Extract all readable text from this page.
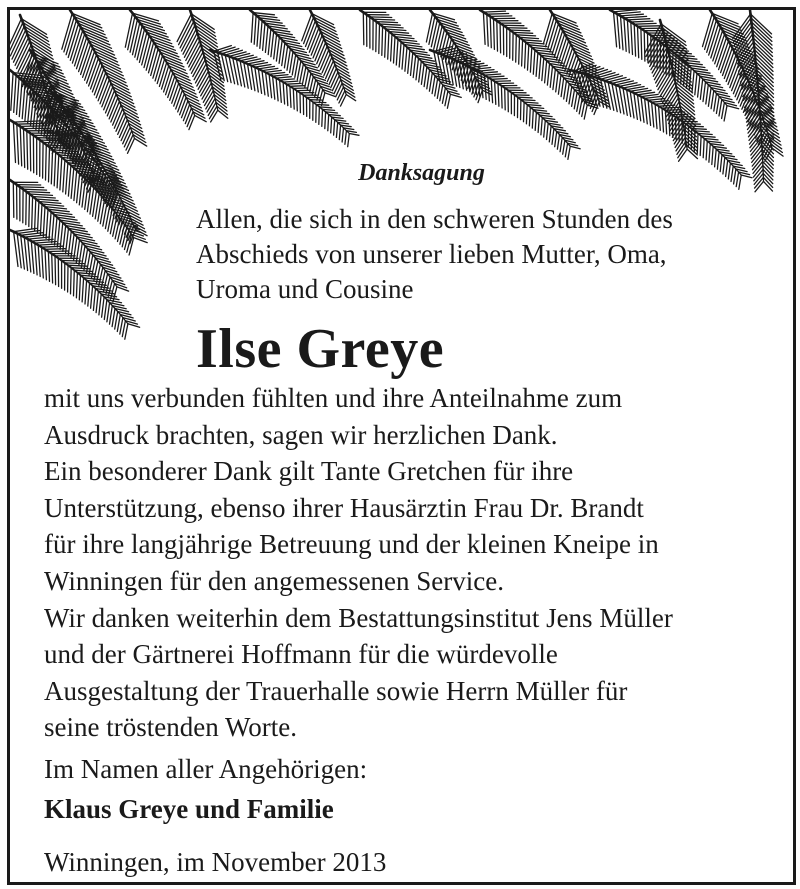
Danksagung
Allen, die sich in den schweren Stunden des
Abschieds von unserer lieben Mutter, Oma,
Uroma und Cousine
Ilse Greye
mit uns verbunden fühlten und ihre Anteilnahme zum
Ausdruck brachten, sagen wir herzlichen Dank.
Ein besonderer Dank gilt Tante Gretchen für ihre
Unterstützung, ebenso ihrer Hausärztin Frau Dr. Brandt
für ihre langjährige Betreuung und der kleinen Kneipe in
Winningen für den angemessenen Service.
Wir danken weiterhin dem Bestattungsinstitut Jens Müller
und der Gärtnerei Hoffmann für die würdevolle
Ausgestaltung der Trauerhalle sowie Herrn Müller für
seine tröstenden Worte.
Im Namen aller Angehörigen:
Klaus Greye und Familie
Winningen, im November 2013
